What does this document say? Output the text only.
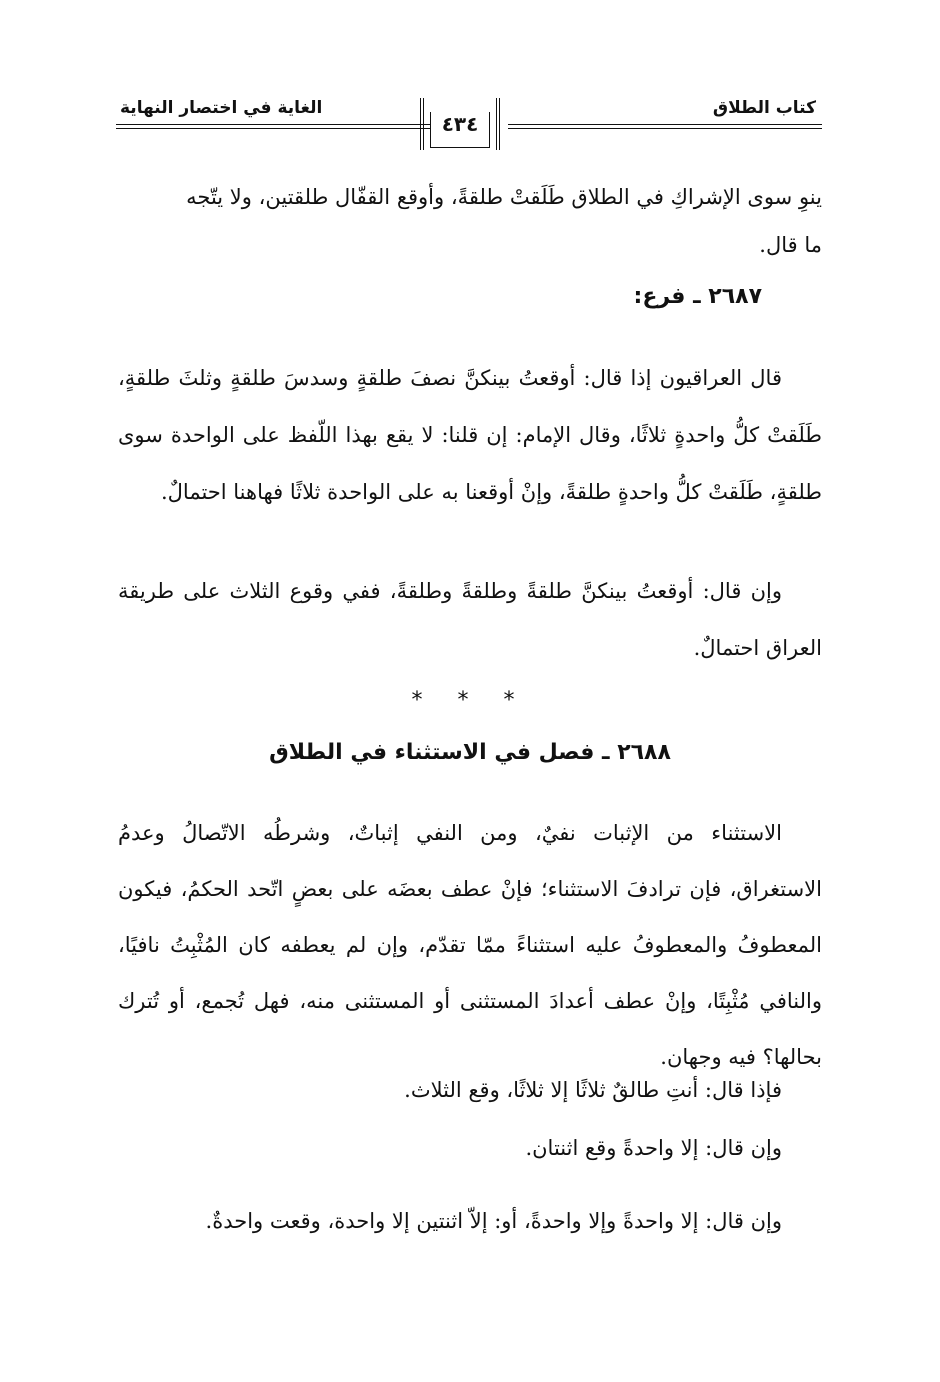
كتاب الطلاق
٤٣٤
الغاية في اختصار النهاية
ينوِ سوى الإشراكِ في الطلاق طَلَقتْ طلقةً، وأوقع القفّال طلقتين، ولا يتّجه
ما قال.
٢٦٨٧ ـ فرع:
قال العراقيون إذا قال: أوقعتُ بينكنَّ نصفَ طلقةٍ وسدسَ طلقةٍ وثلثَ طلقةٍ، طَلَقتْ كلُّ واحدةٍ ثلاثًا، وقال الإمام: إن قلنا: لا يقع بهذا اللّفظ على الواحدة سوى طلقةٍ، طَلَقتْ كلُّ واحدةٍ طلقةً، وإنْ أوقعنا به على الواحدة ثلاثًا فهاهنا احتمالٌ.
وإن قال: أوقعتُ بينكنَّ طلقةً وطلقةً وطلقةً، ففي وقوع الثلاث على طريقة العراق احتمالٌ.
* * *
٢٦٨٨ ـ فصل في الاستثناء في الطلاق
الاستثناء من الإثبات نفيٌ، ومن النفي إثباتٌ، وشرطُه الاتّصالُ وعدمُ الاستغراق، فإن ترادفَ الاستثناء؛ فإنْ عطف بعضَه على بعضٍ اتّحد الحكمُ، فيكون المعطوفُ والمعطوفُ عليه استثناءً ممّا تقدّم، وإن لم يعطفه كان المُثْبِتُ نافيًا، والنافي مُثْبِتًا، وإنْ عطف أعدادَ المستثنى أو المستثنى منه، فهل تُجمع، أو تُترك بحالها؟ فيه وجهان.
فإذا قال: أنتِ طالقٌ ثلاثًا إلا ثلاثًا، وقع الثلاث.
وإن قال: إلا واحدةً وقع اثنتان.
وإن قال: إلا واحدةً وإلا واحدةً، أو: إلاّ اثنتين إلا واحدة، وقعت واحدةٌ.
